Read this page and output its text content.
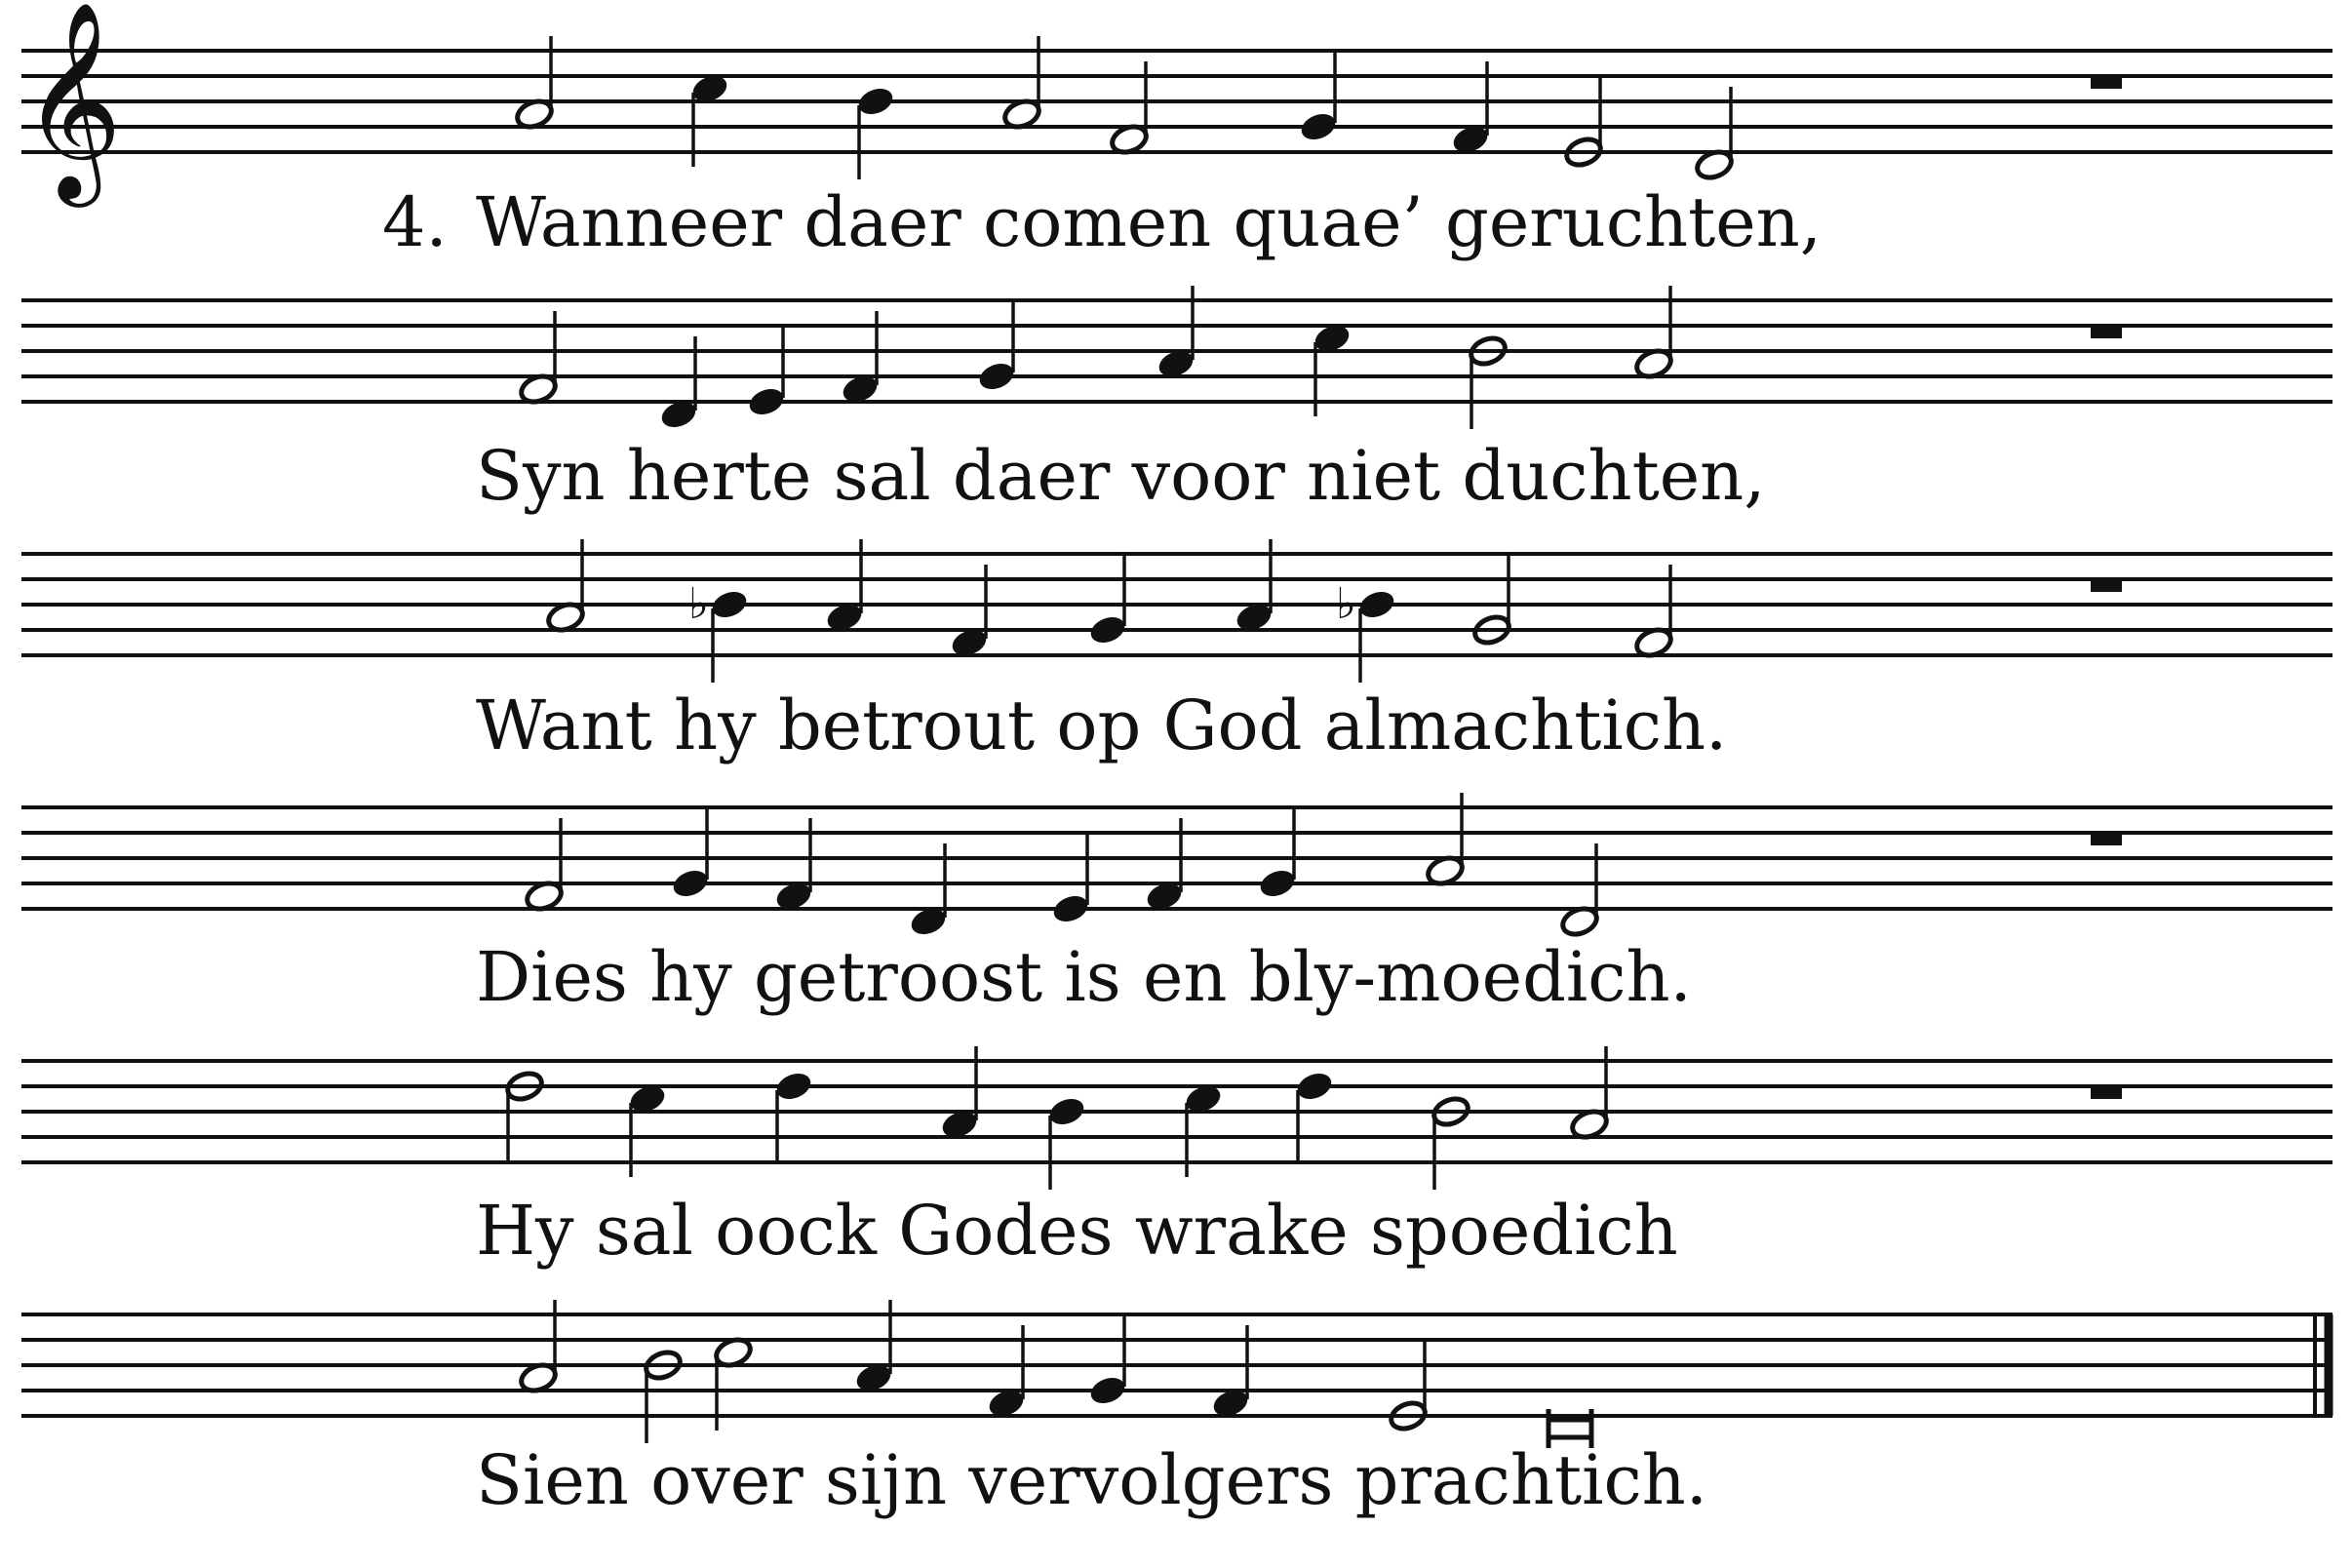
𝄞
4. Wanneer daer comen quae’ geruchten,
Syn herte sal daer voor niet duchten,
♭	♭
Want hy betrout op God almachtich.
Dies hy getroost is en bly-moedich.
Hy sal oock Godes wrake spoedich
Sien over sijn vervolgers prachtich.
